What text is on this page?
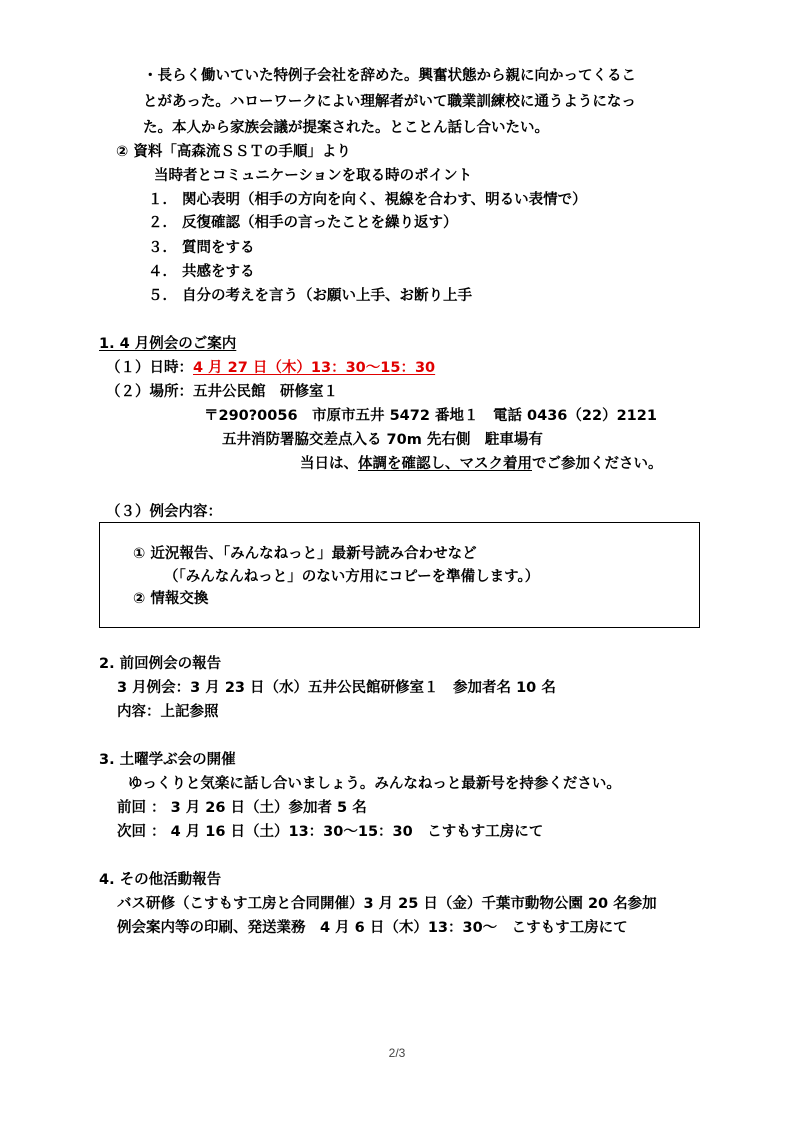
・長らく働いていた特例子会社を辞めた。興奮状態から親に向かってくるこ
とがあった。ハローワークによい理解者がいて職業訓練校に通うようになっ
た。本人から家族会議が提案された。とことん話し合いたい。
② 資料「高森流ＳＳＴの手順」より
当時者とコミュニケーションを取る時のポイント
１． 関心表明（相手の方向を向く、視線を合わす、明るい表情で）
２． 反復確認（相手の言ったことを繰り返す）
３． 質問をする
４． 共感をする
５． 自分の考えを言う（お願い上手、お断り上手
1. 4 月例会のご案内
（１）日時：4 月 27 日（木）13：30～15：30
（２）場所：五井公民館　研修室１
〒290?0056　市原市五井 5472 番地１　電話 0436（22）2121
五井消防署脇交差点入る 70m 先右側　駐車場有
当日は、体調を確認し、マスク着用でご参加ください。
（３）例会内容：
① 近況報告、「みんなねっと」最新号読み合わせなど
（「みんなんねっと」のない方用にコピーを準備します。）
② 情報交換
2. 前回例会の報告
3 月例会：3 月 23 日（水）五井公民館研修室１　参加者名 10 名
内容：上記参照
3. 土曜学ぶ会の開催
ゆっくりと気楽に話し合いましょう。みんなねっと最新号を持参ください。
前回 ： 3 月 26 日（土）参加者 5 名
次回 ： 4 月 16 日（土）13：30～15：30　こすもす工房にて
4. その他活動報告
バス研修（こすもす工房と合同開催）3 月 25 日（金）千葉市動物公園 20 名参加
例会案内等の印刷、発送業務　4 月 6 日（木）13：30～　こすもす工房にて
2/3
